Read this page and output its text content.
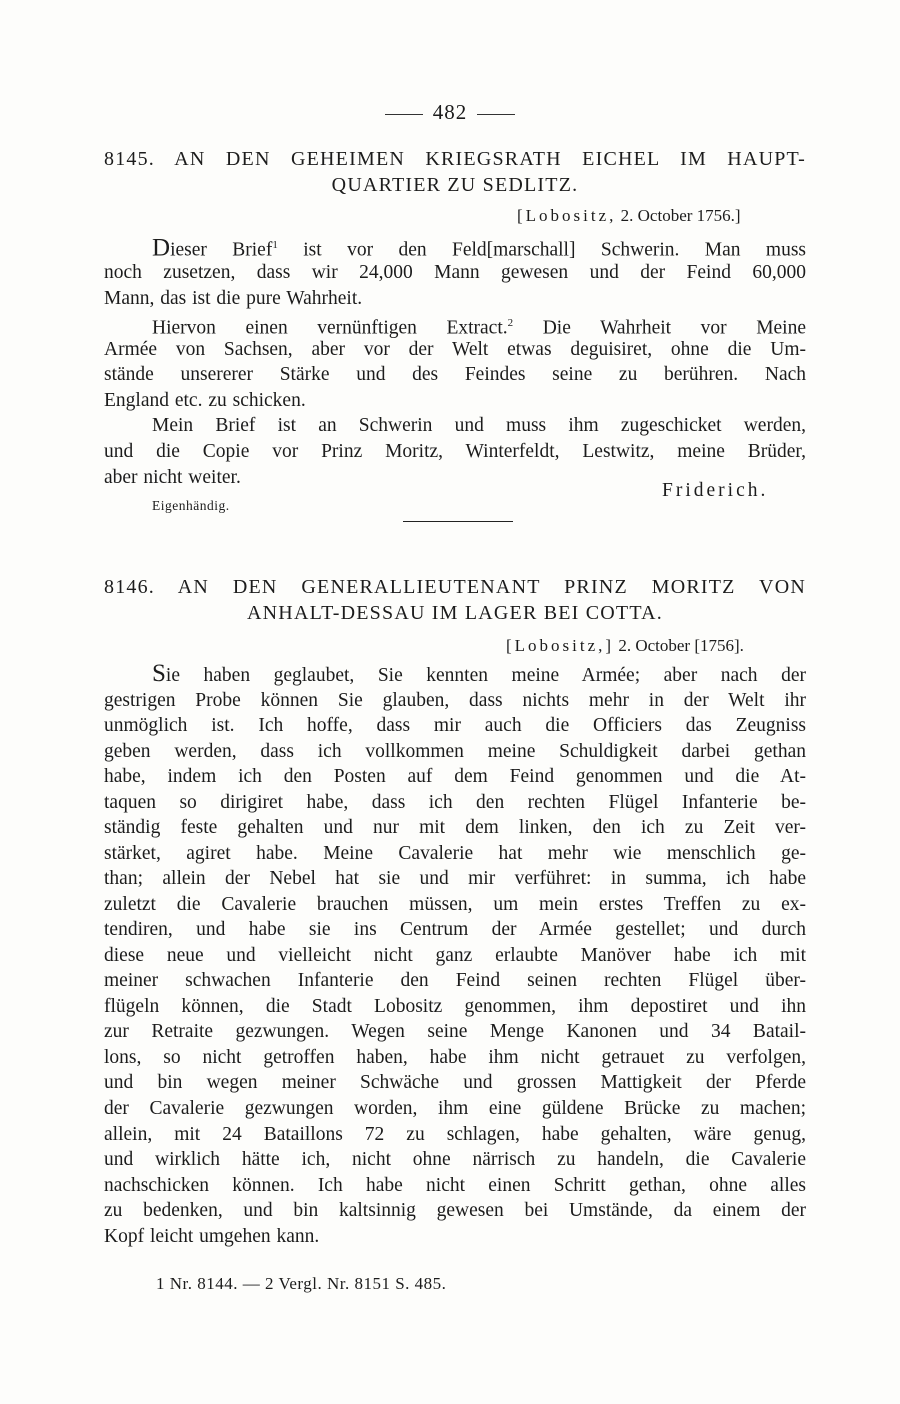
482
8145. AN DEN GEHEIMEN KRIEGSRATH EICHEL IM HAUPT-
QUARTIER ZU SEDLITZ.
[Lobositz, 2. October 1756.]
Dieser Brief$^1$ ist vor den Feld[marschall] Schwerin. Man muss
noch zusetzen, dass wir 24,000 Mann gewesen und der Feind 60,000
Mann, das ist die pure Wahrheit.
Hiervon einen vernünftigen Extract.$^2$ Die Wahrheit vor Meine
Armée von Sachsen, aber vor der Welt etwas deguisiret, ohne die Um-
stände unsererer Stärke und des Feindes seine zu berühren. Nach
England etc. zu schicken.
Mein Brief ist an Schwerin und muss ihm zugeschicket werden,
und die Copie vor Prinz Moritz, Winterfeldt, Lestwitz, meine Brüder,
aber nicht weiter.
Friderich.
Eigenhändig.
8146. AN DEN GENERALLIEUTENANT PRINZ MORITZ VON
ANHALT-DESSAU IM LAGER BEI COTTA.
[Lobositz,] 2. October [1756].
Sie haben geglaubet, Sie kennten meine Armée; aber nach der
gestrigen Probe können Sie glauben, dass nichts mehr in der Welt ihr
unmöglich ist. Ich hoffe, dass mir auch die Officiers das Zeugniss
geben werden, dass ich vollkommen meine Schuldigkeit darbei gethan
habe, indem ich den Posten auf dem Feind genommen und die At-
taquen so dirigiret habe, dass ich den rechten Flügel Infanterie be-
ständig feste gehalten und nur mit dem linken, den ich zu Zeit ver-
stärket, agiret habe. Meine Cavalerie hat mehr wie menschlich ge-
than; allein der Nebel hat sie und mir verführet: in summa, ich habe
zuletzt die Cavalerie brauchen müssen, um mein erstes Treffen zu ex-
tendiren, und habe sie ins Centrum der Armée gestellet; und durch
diese neue und vielleicht nicht ganz erlaubte Manöver habe ich mit
meiner schwachen Infanterie den Feind seinen rechten Flügel über-
flügeln können, die Stadt Lobositz genommen, ihm depostiret und ihn
zur Retraite gezwungen. Wegen seine Menge Kanonen und 34 Batail-
lons, so nicht getroffen haben, habe ihm nicht getrauet zu verfolgen,
und bin wegen meiner Schwäche und grossen Mattigkeit der Pferde
der Cavalerie gezwungen worden, ihm eine güldene Brücke zu machen;
allein, mit 24 Bataillons 72 zu schlagen, habe gehalten, wäre genug,
und wirklich hätte ich, nicht ohne närrisch zu handeln, die Cavalerie
nachschicken können. Ich habe nicht einen Schritt gethan, ohne alles
zu bedenken, und bin kaltsinnig gewesen bei Umstände, da einem der
Kopf leicht umgehen kann.
1 Nr. 8144. — 2 Vergl. Nr. 8151 S. 485.
